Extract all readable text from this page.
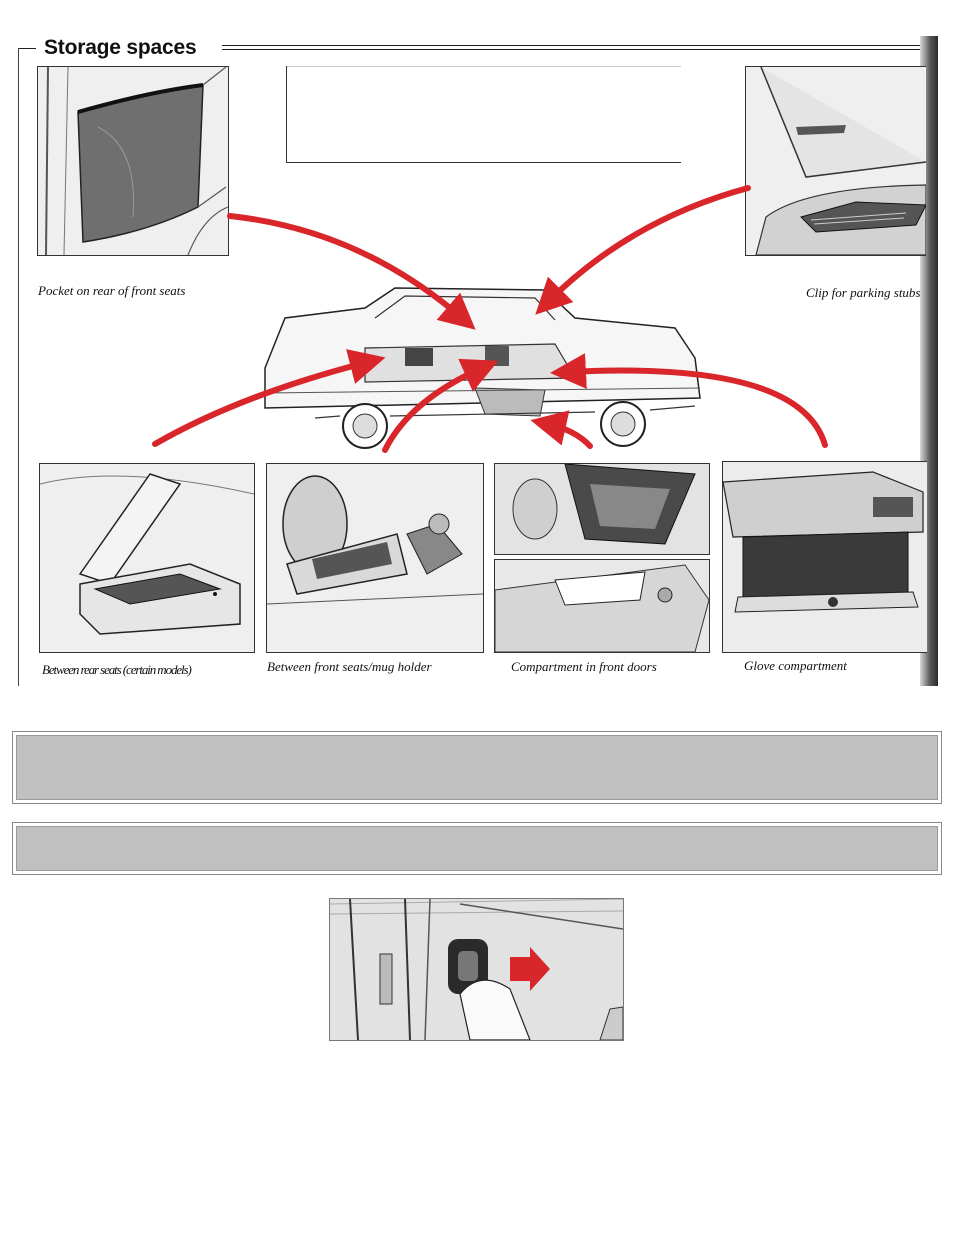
Storage spaces
Pocket on rear of front seats	Clip for parking stubs
Between rear seats (certain models)	Between front seats/mug holder	Compartment in front doors	Glove compartment
